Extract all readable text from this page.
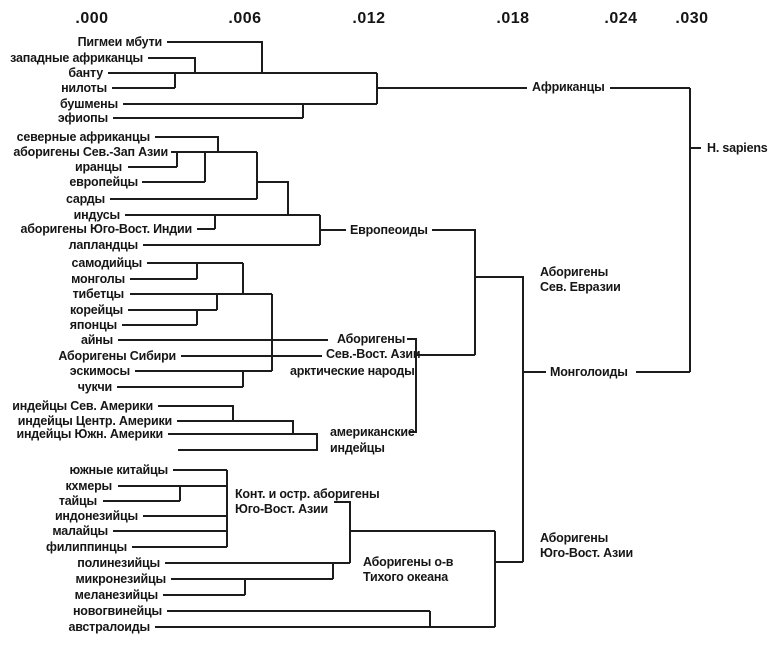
.000	.006	.012	.018	.024 .030
Пигмеи мбути
западные африканцы
банту
нилоты
бушмены
эфиопы
северные африканцы
аборигены Сев.-Зап Азии
иранцы
европейцы
сарды
индусы
аборигены Юго-Вост. Индии
лапландцы
самодийцы
монголы
тибетцы
корейцы
японцы
айны
Аборигены Сибири
эскимосы
чукчи
индейцы Сев. Америки
индейцы Центр. Америки
индейцы Южн. Америки
южные китайцы
кхмеры
тайцы
индонезийцы
малайцы
филиппинцы
полинезийцы
микронезийцы
меланезийцы
новогвинейцы
австралоиды
Африканцы
H. sapiens
Европеоиды
Аборигены
Сев.-Вост. Азии
арктические народы
американские
индейцы
Аборигены
Сев. Евразии
Монголоиды
Конт. и остр. аборигены
Юго-Вост. Азии
Аборигены о-в
Тихого океана
Аборигены
Юго-Вост. Азии
